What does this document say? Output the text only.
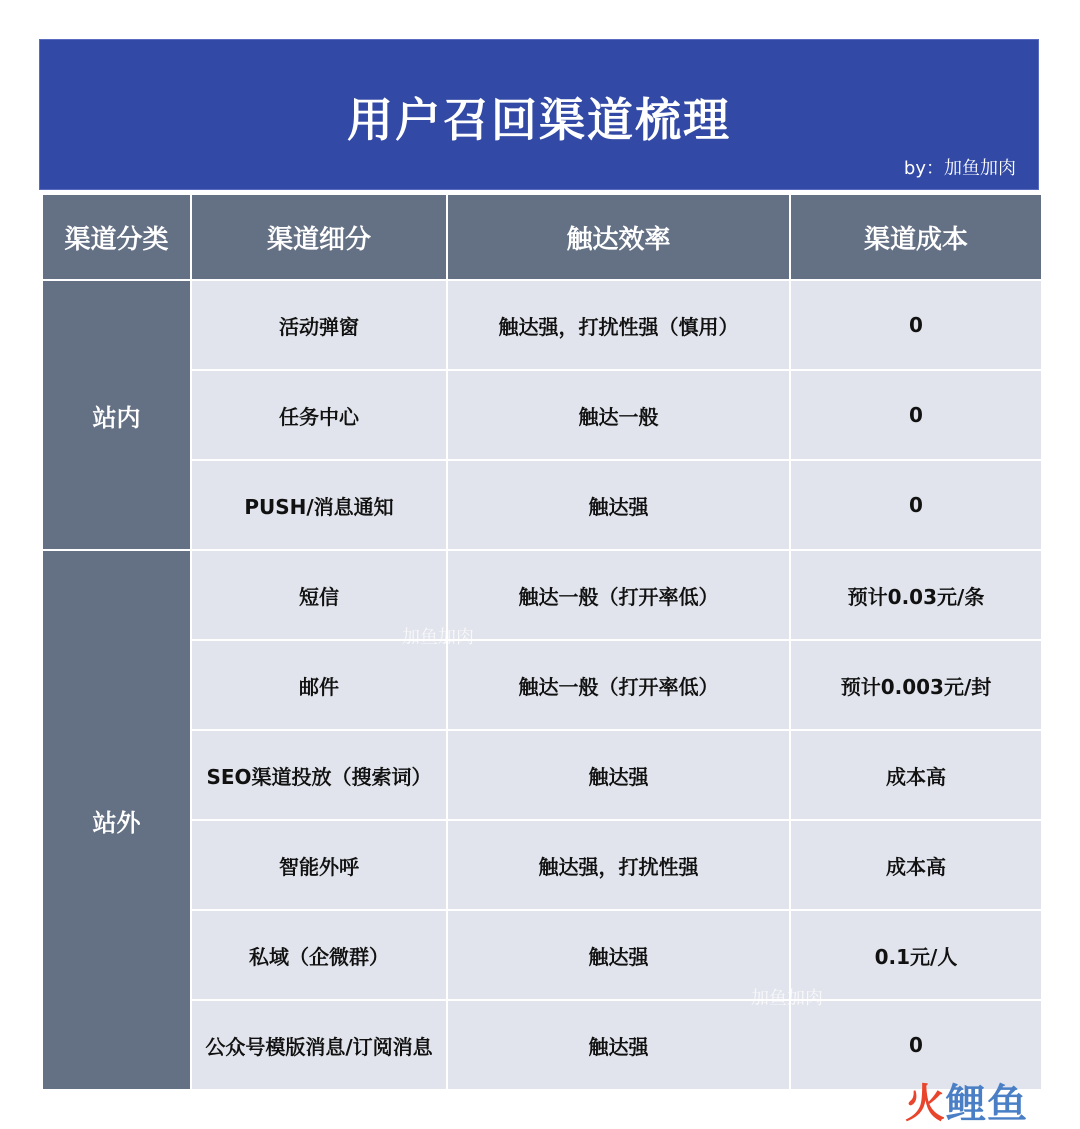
用户召回渠道梳理
by：加鱼加肉
渠道分类	渠道细分	触达效率	渠道成本
站内	活动弹窗	触达强，打扰性强（慎用）	0
	任务中心	触达一般	0
	PUSH/消息通知	触达强	0
站外	短信	触达一般（打开率低）	预计0.03元/条
	邮件	触达一般（打开率低）	预计0.003元/封
	SEO渠道投放（搜索词）	触达强	成本高
	智能外呼	触达强，打扰性强	成本高
	私域（企微群）	触达强	0.1元/人
	公众号模版消息/订阅消息	触达强	0
加鱼加肉
加鱼加肉
火鲤鱼
